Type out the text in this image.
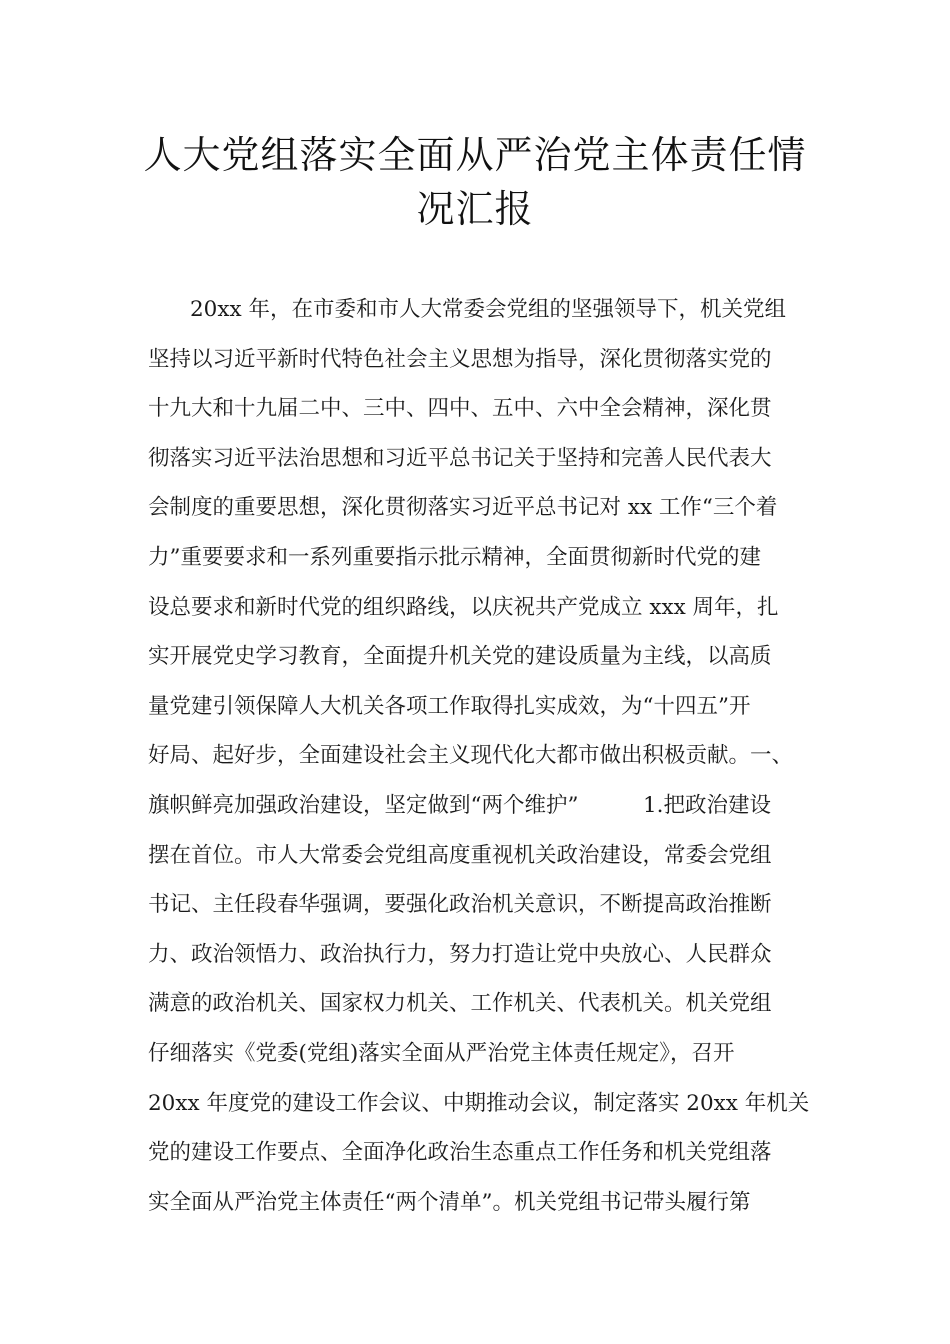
人大党组落实全面从严治党主体责任情
况汇报
20xx 年，在市委和市人大常委会党组的坚强领导下，机关党组
坚持以习近平新时代特色社会主义思想为指导，深化贯彻落实党的
十九大和十九届二中、三中、四中、五中、六中全会精神，深化贯
彻落实习近平法治思想和习近平总书记关于坚持和完善人民代表大
会制度的重要思想，深化贯彻落实习近平总书记对 xx 工作“三个着
力”重要要求和一系列重要指示批示精神，全面贯彻新时代党的建
设总要求和新时代党的组织路线，以庆祝共产党成立 xxx 周年，扎
实开展党史学习教育，全面提升机关党的建设质量为主线，以高质
量党建引领保障人大机关各项工作取得扎实成效，为“十四五”开
好局、起好步，全面建设社会主义现代化大都市做出积极贡献。一、
旗帜鲜亮加强政治建设，坚定做到“两个维护”　　　1.把政治建设
摆在首位。市人大常委会党组高度重视机关政治建设，常委会党组
书记、主任段春华强调，要强化政治机关意识，不断提高政治推断
力、政治领悟力、政治执行力，努力打造让党中央放心、人民群众
满意的政治机关、国家权力机关、工作机关、代表机关。机关党组
仔细落实《党委(党组)落实全面从严治党主体责任规定》，召开
20xx 年度党的建设工作会议、中期推动会议，制定落实 20xx 年机关
党的建设工作要点、全面净化政治生态重点工作任务和机关党组落
实全面从严治党主体责任“两个清单”。机关党组书记带头履行第
